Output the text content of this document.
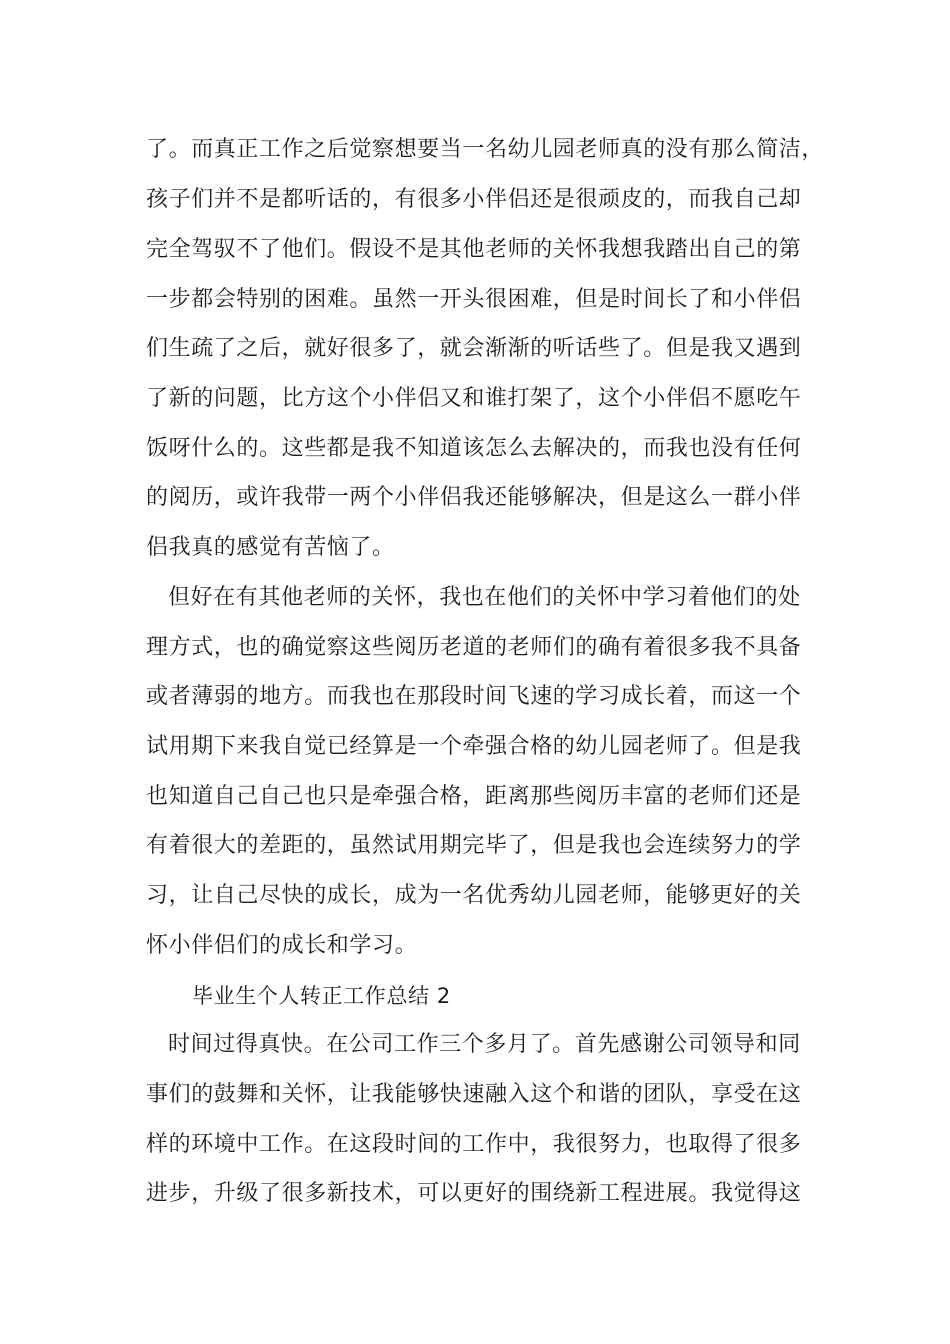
了。而真正工作之后觉察想要当一名幼儿园老师真的没有那么简洁，
孩子们并不是都听话的，有很多小伴侣还是很顽皮的，而我自己却
完全驾驭不了他们。假设不是其他老师的关怀我想我踏出自己的第
一步都会特别的困难。虽然一开头很困难，但是时间长了和小伴侣
们生疏了之后，就好很多了，就会渐渐的听话些了。但是我又遇到
了新的问题，比方这个小伴侣又和谁打架了，这个小伴侣不愿吃午
饭呀什么的。这些都是我不知道该怎么去解决的，而我也没有任何
的阅历，或许我带一两个小伴侣我还能够解决，但是这么一群小伴
侣我真的感觉有苦恼了。
但好在有其他老师的关怀，我也在他们的关怀中学习着他们的处
理方式，也的确觉察这些阅历老道的老师们的确有着很多我不具备
或者薄弱的地方。而我也在那段时间飞速的学习成长着，而这一个
试用期下来我自觉已经算是一个牵强合格的幼儿园老师了。但是我
也知道自己自己也只是牵强合格，距离那些阅历丰富的老师们还是
有着很大的差距的，虽然试用期完毕了，但是我也会连续努力的学
习，让自己尽快的成长，成为一名优秀幼儿园老师，能够更好的关
怀小伴侣们的成长和学习。
毕业生个人转正工作总结 2
时间过得真快。在公司工作三个多月了。首先感谢公司领导和同
事们的鼓舞和关怀，让我能够快速融入这个和谐的团队，享受在这
样的环境中工作。在这段时间的工作中，我很努力，也取得了很多
进步，升级了很多新技术，可以更好的围绕新工程进展。我觉得这
